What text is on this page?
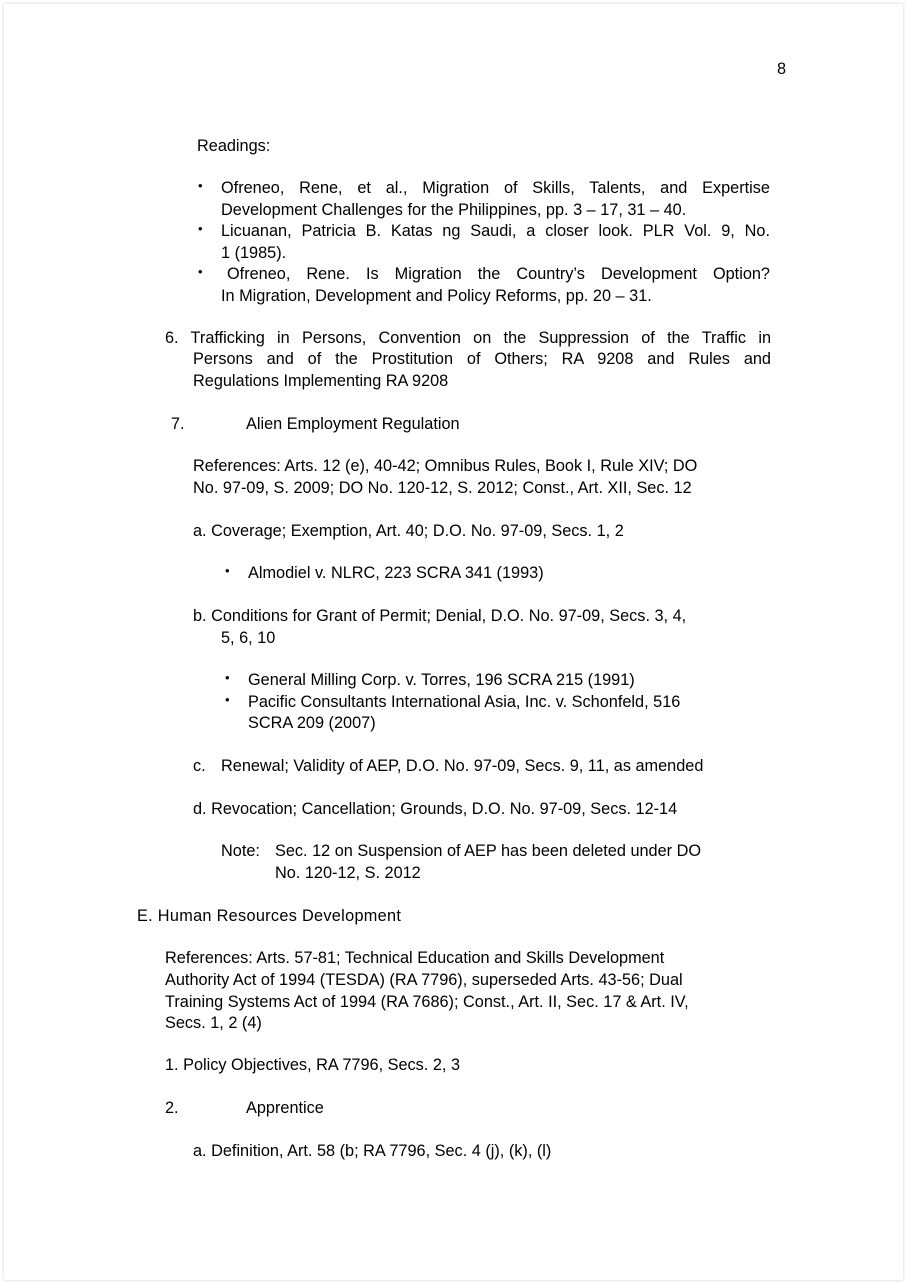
8
Readings:
• Ofreneo, Rene, et al., Migration of Skills, Talents, and Expertise
Development Challenges for the Philippines, pp. 3 – 17, 31 – 40.
• Licuanan, Patricia B. Katas ng Saudi, a closer look. PLR Vol. 9, No.
1 (1985).
• Ofreneo, Rene. Is Migration the Country’s Development Option?
In Migration, Development and Policy Reforms, pp. 20 – 31.
6. Trafficking in Persons, Convention on the Suppression of the Traffic in
Persons and of the Prostitution of Others; RA 9208 and Rules and
Regulations Implementing RA 9208
7.	Alien Employment Regulation
References: Arts. 12 (e), 40-42; Omnibus Rules, Book I, Rule XIV; DO
No. 97-09, S. 2009; DO No. 120-12, S. 2012; Const., Art. XII, Sec. 12
a. Coverage; Exemption, Art. 40; D.O. No. 97-09, Secs. 1, 2
• Almodiel v. NLRC, 223 SCRA 341 (1993)
b. Conditions for Grant of Permit; Denial, D.O. No. 97-09, Secs. 3, 4,
5, 6, 10
• General Milling Corp. v. Torres, 196 SCRA 215 (1991)
• Pacific Consultants International Asia, Inc. v. Schonfeld, 516
SCRA 209 (2007)
c. Renewal; Validity of AEP, D.O. No. 97-09, Secs. 9, 11, as amended
d. Revocation; Cancellation; Grounds, D.O. No. 97-09, Secs. 12-14
Note: Sec. 12 on Suspension of AEP has been deleted under DO
No. 120-12, S. 2012
E. Human Resources Development
References: Arts. 57-81; Technical Education and Skills Development
Authority Act of 1994 (TESDA) (RA 7796), superseded Arts. 43-56; Dual
Training Systems Act of 1994 (RA 7686); Const., Art. II, Sec. 17 & Art. IV,
Secs. 1, 2 (4)
1. Policy Objectives, RA 7796, Secs. 2, 3
2.	Apprentice
a. Definition, Art. 58 (b; RA 7796, Sec. 4 (j), (k), (l)
